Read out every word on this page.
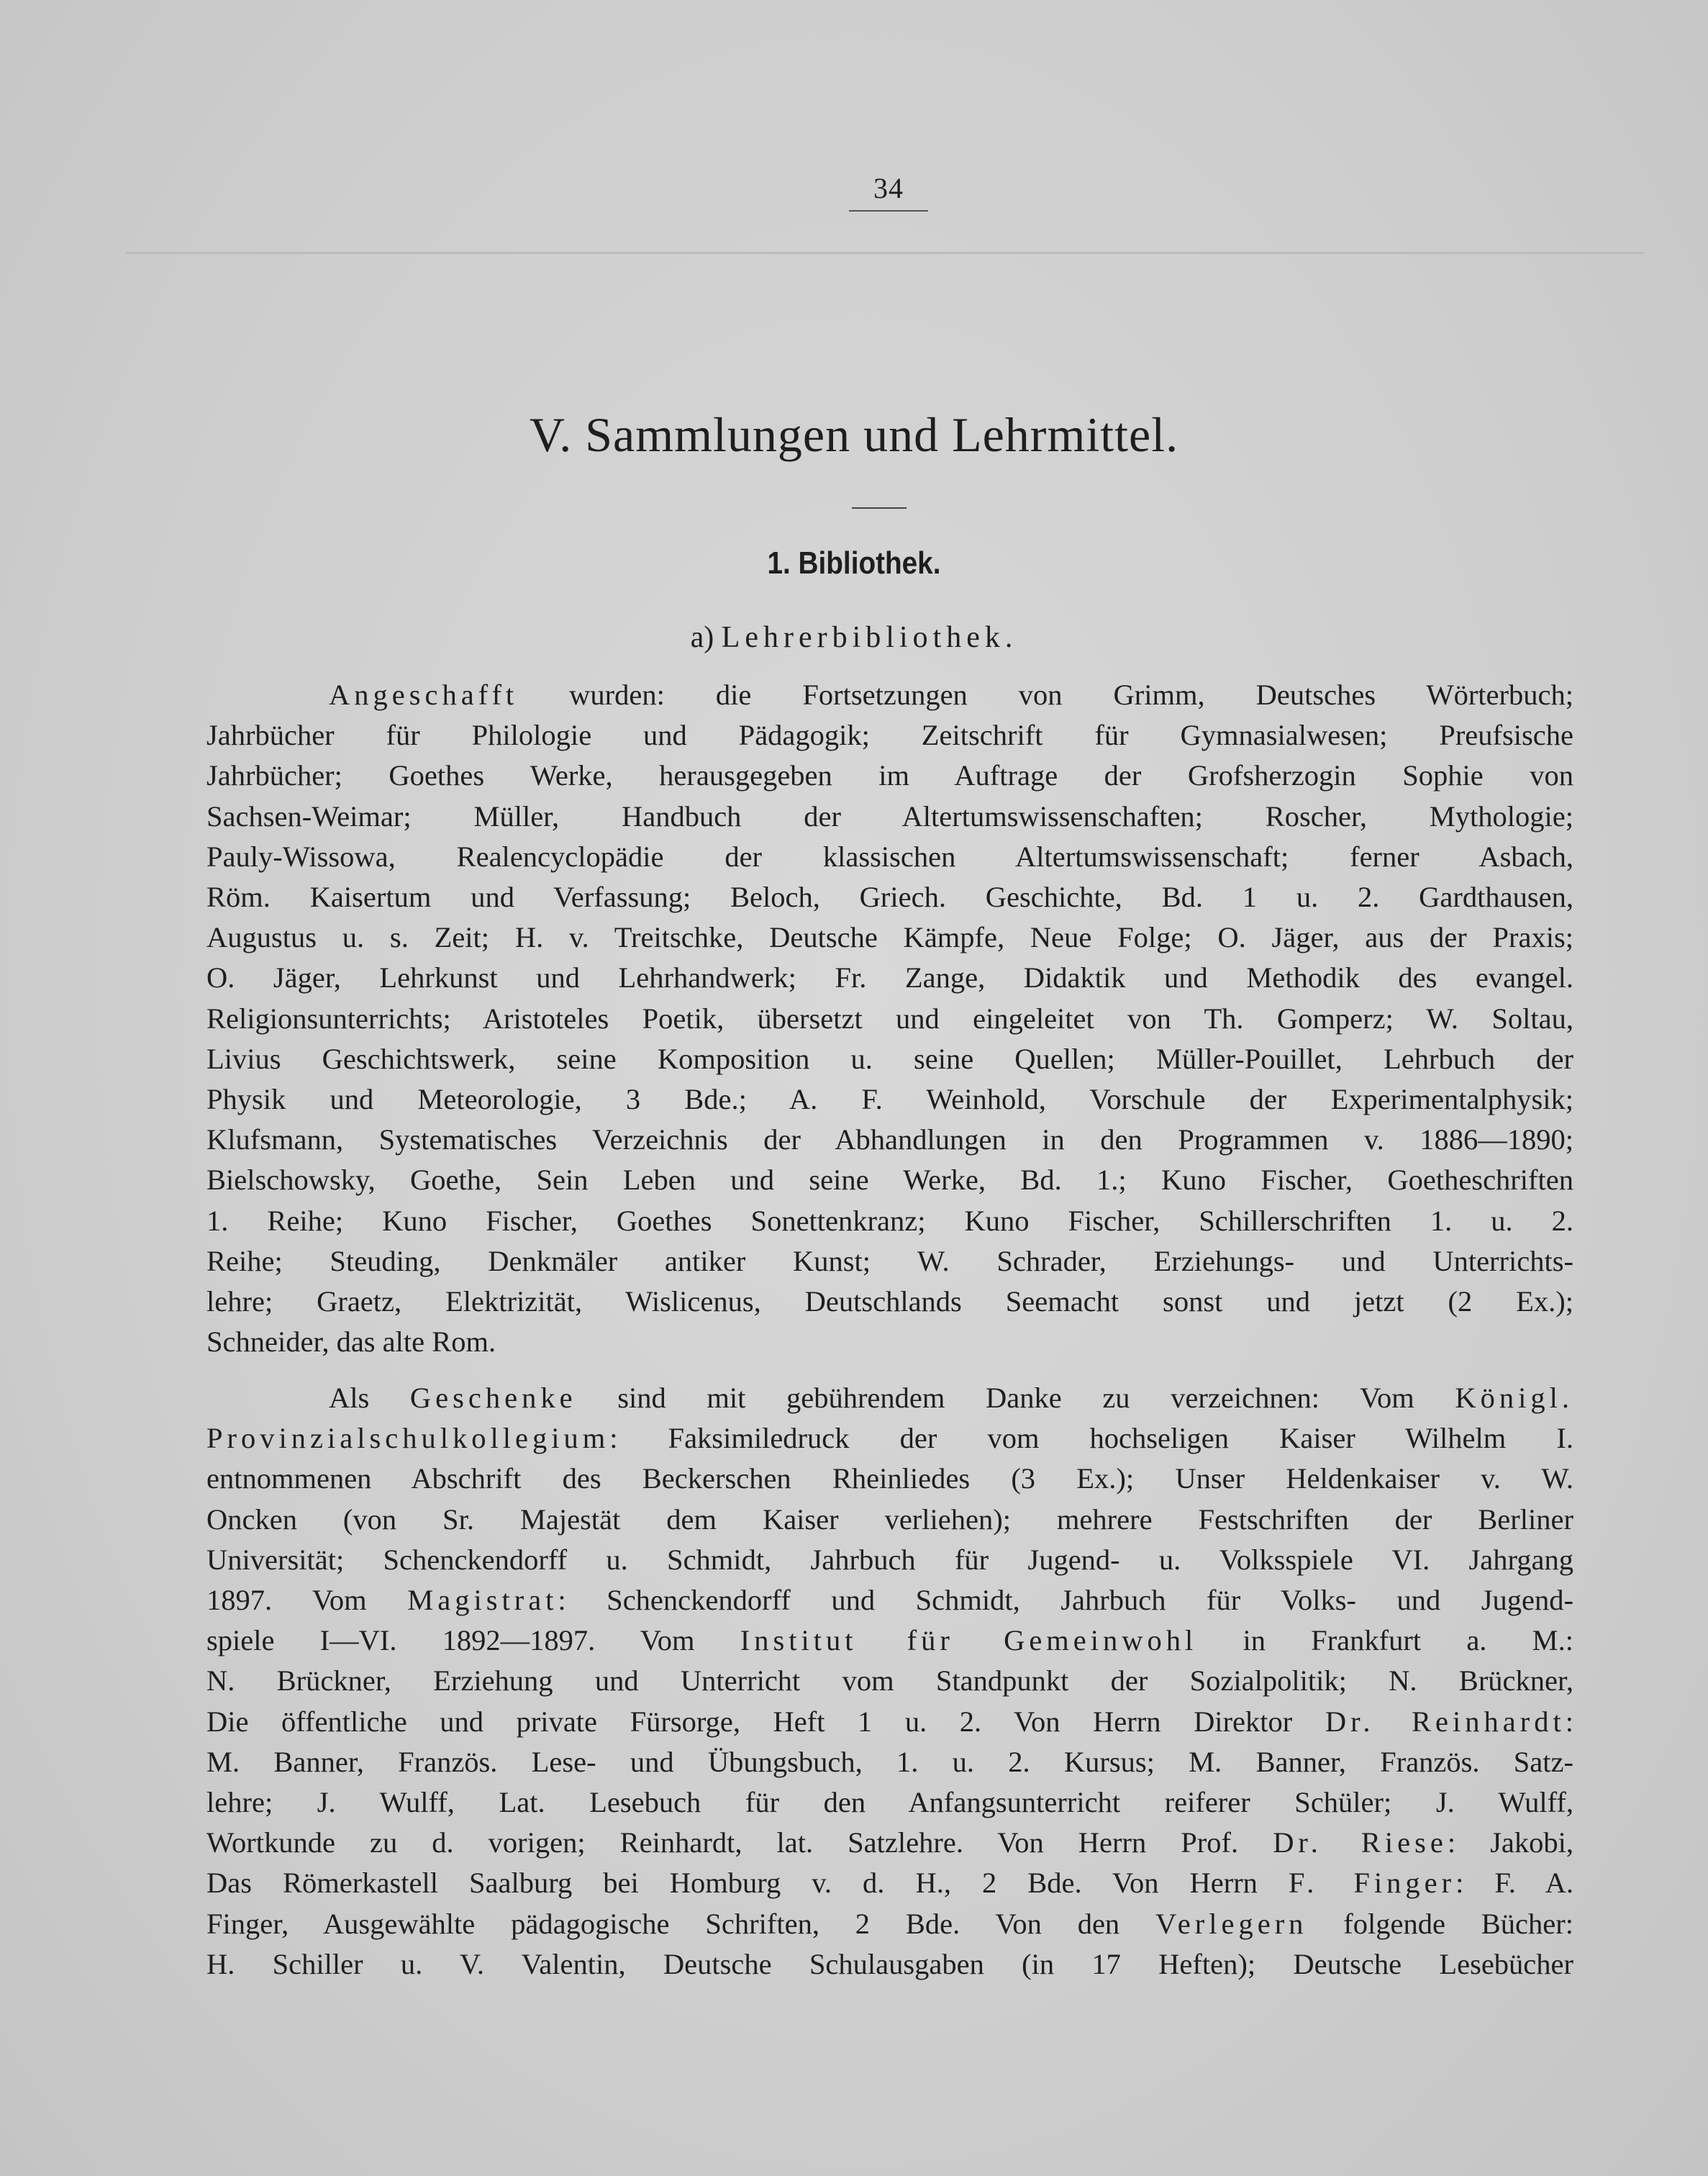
34
V. Sammlungen und Lehrmittel.
1. Bibliothek.
a) Lehrerbibliothek.
Angeschafft wurden: die Fortsetzungen von Grimm, Deutsches Wörterbuch;
Jahrbücher für Philologie und Pädagogik; Zeitschrift für Gymnasialwesen; Preufsische
Jahrbücher; Goethes Werke, herausgegeben im Auftrage der Grofsherzogin Sophie von
Sachsen-Weimar; Müller, Handbuch der Altertumswissenschaften; Roscher, Mythologie;
Pauly-Wissowa, Realencyclopädie der klassischen Altertumswissenschaft; ferner Asbach,
Röm. Kaisertum und Verfassung; Beloch, Griech. Geschichte, Bd. 1 u. 2. Gardthausen,
Augustus u. s. Zeit; H. v. Treitschke, Deutsche Kämpfe, Neue Folge; O. Jäger, aus der Praxis;
O. Jäger, Lehrkunst und Lehrhandwerk; Fr. Zange, Didaktik und Methodik des evangel.
Religionsunterrichts; Aristoteles Poetik, übersetzt und eingeleitet von Th. Gomperz; W. Soltau,
Livius Geschichtswerk, seine Komposition u. seine Quellen; Müller-Pouillet, Lehrbuch der
Physik und Meteorologie, 3 Bde.; A. F. Weinhold, Vorschule der Experimentalphysik;
Klufsmann, Systematisches Verzeichnis der Abhandlungen in den Programmen v. 1886—1890;
Bielschowsky, Goethe, Sein Leben und seine Werke, Bd. 1.; Kuno Fischer, Goetheschriften
1. Reihe; Kuno Fischer, Goethes Sonettenkranz; Kuno Fischer, Schillerschriften 1. u. 2.
Reihe; Steuding, Denkmäler antiker Kunst; W. Schrader, Erziehungs- und Unterrichts-
lehre; Graetz, Elektrizität, Wislicenus, Deutschlands Seemacht sonst und jetzt (2 Ex.);
Schneider, das alte Rom.
Als Geschenke sind mit gebührendem Danke zu verzeichnen: Vom Königl.
Provinzialschulkollegium: Faksimiledruck der vom hochseligen Kaiser Wilhelm I.
entnommenen Abschrift des Beckerschen Rheinliedes (3 Ex.); Unser Heldenkaiser v. W.
Oncken (von Sr. Majestät dem Kaiser verliehen); mehrere Festschriften der Berliner
Universität; Schenckendorff u. Schmidt, Jahrbuch für Jugend- u. Volksspiele VI. Jahrgang
1897. Vom Magistrat: Schenckendorff und Schmidt, Jahrbuch für Volks- und Jugend-
spiele I—VI. 1892—1897. Vom Institut für Gemeinwohl in Frankfurt a. M.:
N. Brückner, Erziehung und Unterricht vom Standpunkt der Sozialpolitik; N. Brückner,
Die öffentliche und private Fürsorge, Heft 1 u. 2. Von Herrn Direktor Dr. Reinhardt:
M. Banner, Französ. Lese- und Übungsbuch, 1. u. 2. Kursus; M. Banner, Französ. Satz-
lehre; J. Wulff, Lat. Lesebuch für den Anfangsunterricht reiferer Schüler; J. Wulff,
Wortkunde zu d. vorigen; Reinhardt, lat. Satzlehre. Von Herrn Prof. Dr. Riese: Jakobi,
Das Römerkastell Saalburg bei Homburg v. d. H., 2 Bde. Von Herrn F. Finger: F. A.
Finger, Ausgewählte pädagogische Schriften, 2 Bde. Von den Verlegern folgende Bücher:
H. Schiller u. V. Valentin, Deutsche Schulausgaben (in 17 Heften); Deutsche Lesebücher
